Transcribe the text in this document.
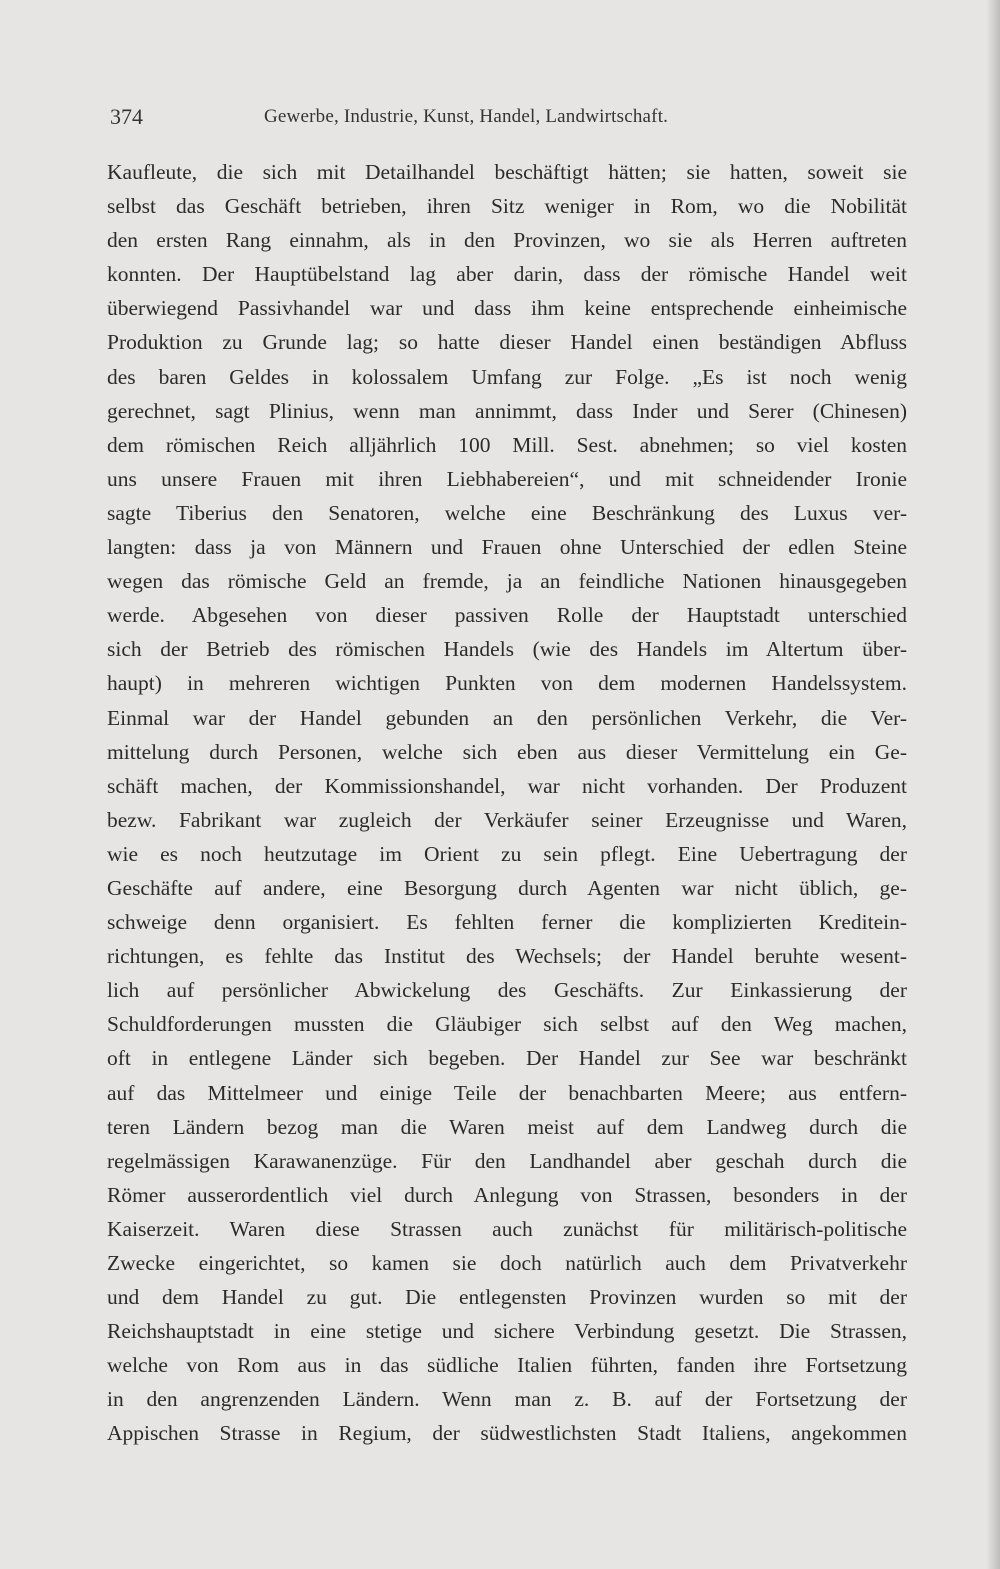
374	Gewerbe, Industrie, Kunst, Handel, Landwirtschaft.
Kaufleute, die sich mit Detailhandel beschäftigt hätten; sie hatten, soweit sie
selbst das Geschäft betrieben, ihren Sitz weniger in Rom, wo die Nobilität
den ersten Rang einnahm, als in den Provinzen, wo sie als Herren auftreten
konnten. Der Hauptübelstand lag aber darin, dass der römische Handel weit
überwiegend Passivhandel war und dass ihm keine entsprechende einheimische
Produktion zu Grunde lag; so hatte dieser Handel einen beständigen Abfluss
des baren Geldes in kolossalem Umfang zur Folge. „Es ist noch wenig
gerechnet, sagt Plinius, wenn man annimmt, dass Inder und Serer (Chinesen)
dem römischen Reich alljährlich 100 Mill. Sest. abnehmen; so viel kosten
uns unsere Frauen mit ihren Liebhabereien“, und mit schneidender Ironie
sagte Tiberius den Senatoren, welche eine Beschränkung des Luxus ver-
langten: dass ja von Männern und Frauen ohne Unterschied der edlen Steine
wegen das römische Geld an fremde, ja an feindliche Nationen hinausgegeben
werde. Abgesehen von dieser passiven Rolle der Hauptstadt unterschied
sich der Betrieb des römischen Handels (wie des Handels im Altertum über-
haupt) in mehreren wichtigen Punkten von dem modernen Handelssystem.
Einmal war der Handel gebunden an den persönlichen Verkehr, die Ver-
mittelung durch Personen, welche sich eben aus dieser Vermittelung ein Ge-
schäft machen, der Kommissionshandel, war nicht vorhanden. Der Produzent
bezw. Fabrikant war zugleich der Verkäufer seiner Erzeugnisse und Waren,
wie es noch heutzutage im Orient zu sein pflegt. Eine Uebertragung der
Geschäfte auf andere, eine Besorgung durch Agenten war nicht üblich, ge-
schweige denn organisiert. Es fehlten ferner die komplizierten Kreditein-
richtungen, es fehlte das Institut des Wechsels; der Handel beruhte wesent-
lich auf persönlicher Abwickelung des Geschäfts. Zur Einkassierung der
Schuldforderungen mussten die Gläubiger sich selbst auf den Weg machen,
oft in entlegene Länder sich begeben. Der Handel zur See war beschränkt
auf das Mittelmeer und einige Teile der benachbarten Meere; aus entfern-
teren Ländern bezog man die Waren meist auf dem Landweg durch die
regelmässigen Karawanenzüge. Für den Landhandel aber geschah durch die
Römer ausserordentlich viel durch Anlegung von Strassen, besonders in der
Kaiserzeit. Waren diese Strassen auch zunächst für militärisch-politische
Zwecke eingerichtet, so kamen sie doch natürlich auch dem Privatverkehr
und dem Handel zu gut. Die entlegensten Provinzen wurden so mit der
Reichshauptstadt in eine stetige und sichere Verbindung gesetzt. Die Strassen,
welche von Rom aus in das südliche Italien führten, fanden ihre Fortsetzung
in den angrenzenden Ländern. Wenn man z. B. auf der Fortsetzung der
Appischen Strasse in Regium, der südwestlichsten Stadt Italiens, angekommen
